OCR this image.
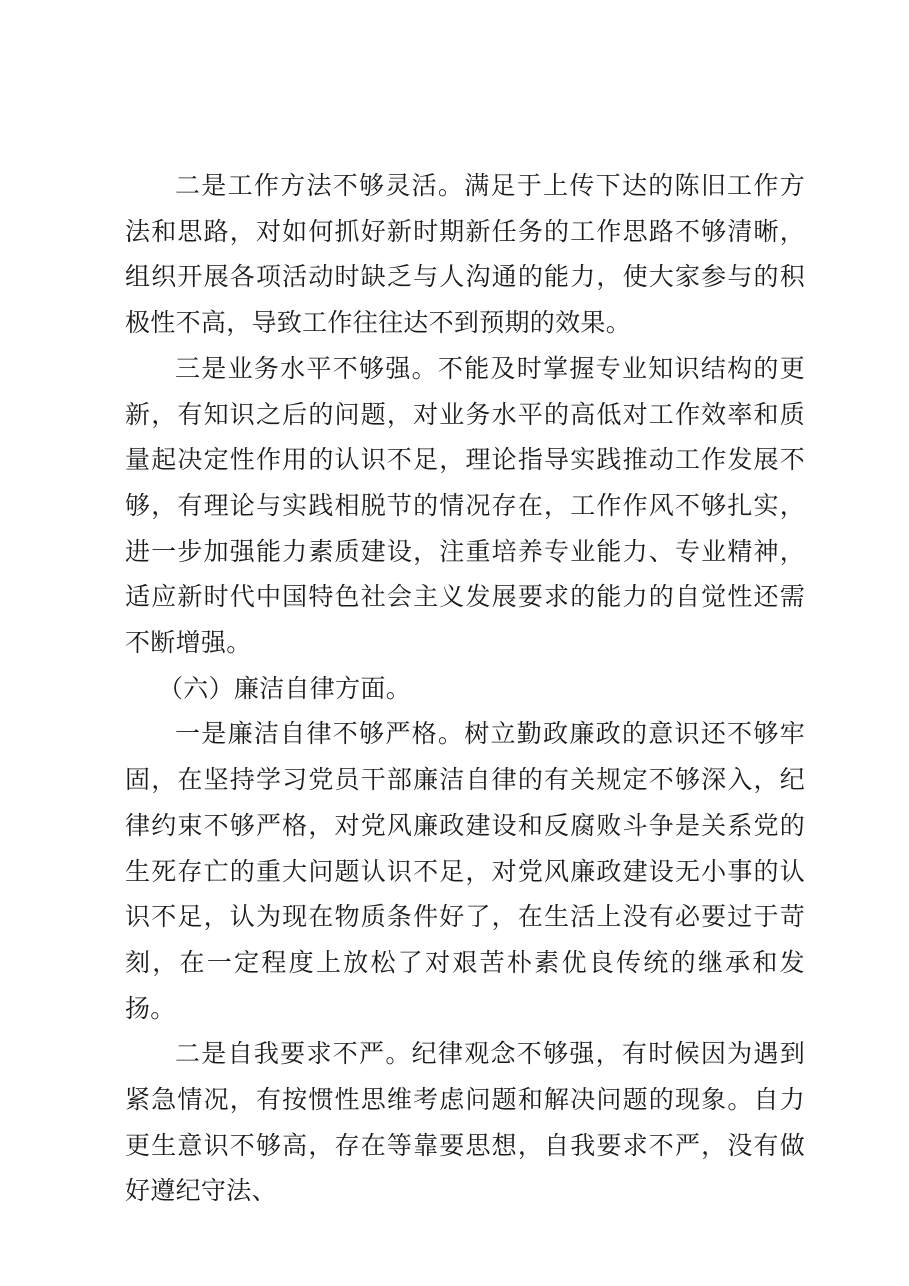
二是工作方法不够灵活。满足于上传下达的陈旧工作方法和思路，对如何抓好新时期新任务的工作思路不够清晰，组织开展各项活动时缺乏与人沟通的能力，使大家参与的积极性不高，导致工作往往达不到预期的效果。

三是业务水平不够强。不能及时掌握专业知识结构的更新，有知识之后的问题，对业务水平的高低对工作效率和质量起决定性作用的认识不足，理论指导实践推动工作发展不够，有理论与实践相脱节的情况存在，工作作风不够扎实，进一步加强能力素质建设，注重培养专业能力、专业精神，适应新时代中国特色社会主义发展要求的能力的自觉性还需不断增强。

（六）廉洁自律方面。

一是廉洁自律不够严格。树立勤政廉政的意识还不够牢固，在坚持学习党员干部廉洁自律的有关规定不够深入，纪律约束不够严格，对党风廉政建设和反腐败斗争是关系党的生死存亡的重大问题认识不足，对党风廉政建设无小事的认识不足，认为现在物质条件好了，在生活上没有必要过于苛刻，在一定程度上放松了对艰苦朴素优良传统的继承和发扬。

二是自我要求不严。纪律观念不够强，有时候因为遇到紧急情况，有按惯性思维考虑问题和解决问题的现象。自力更生意识不够高，存在等靠要思想，自我要求不严，没有做好遵纪守法、
